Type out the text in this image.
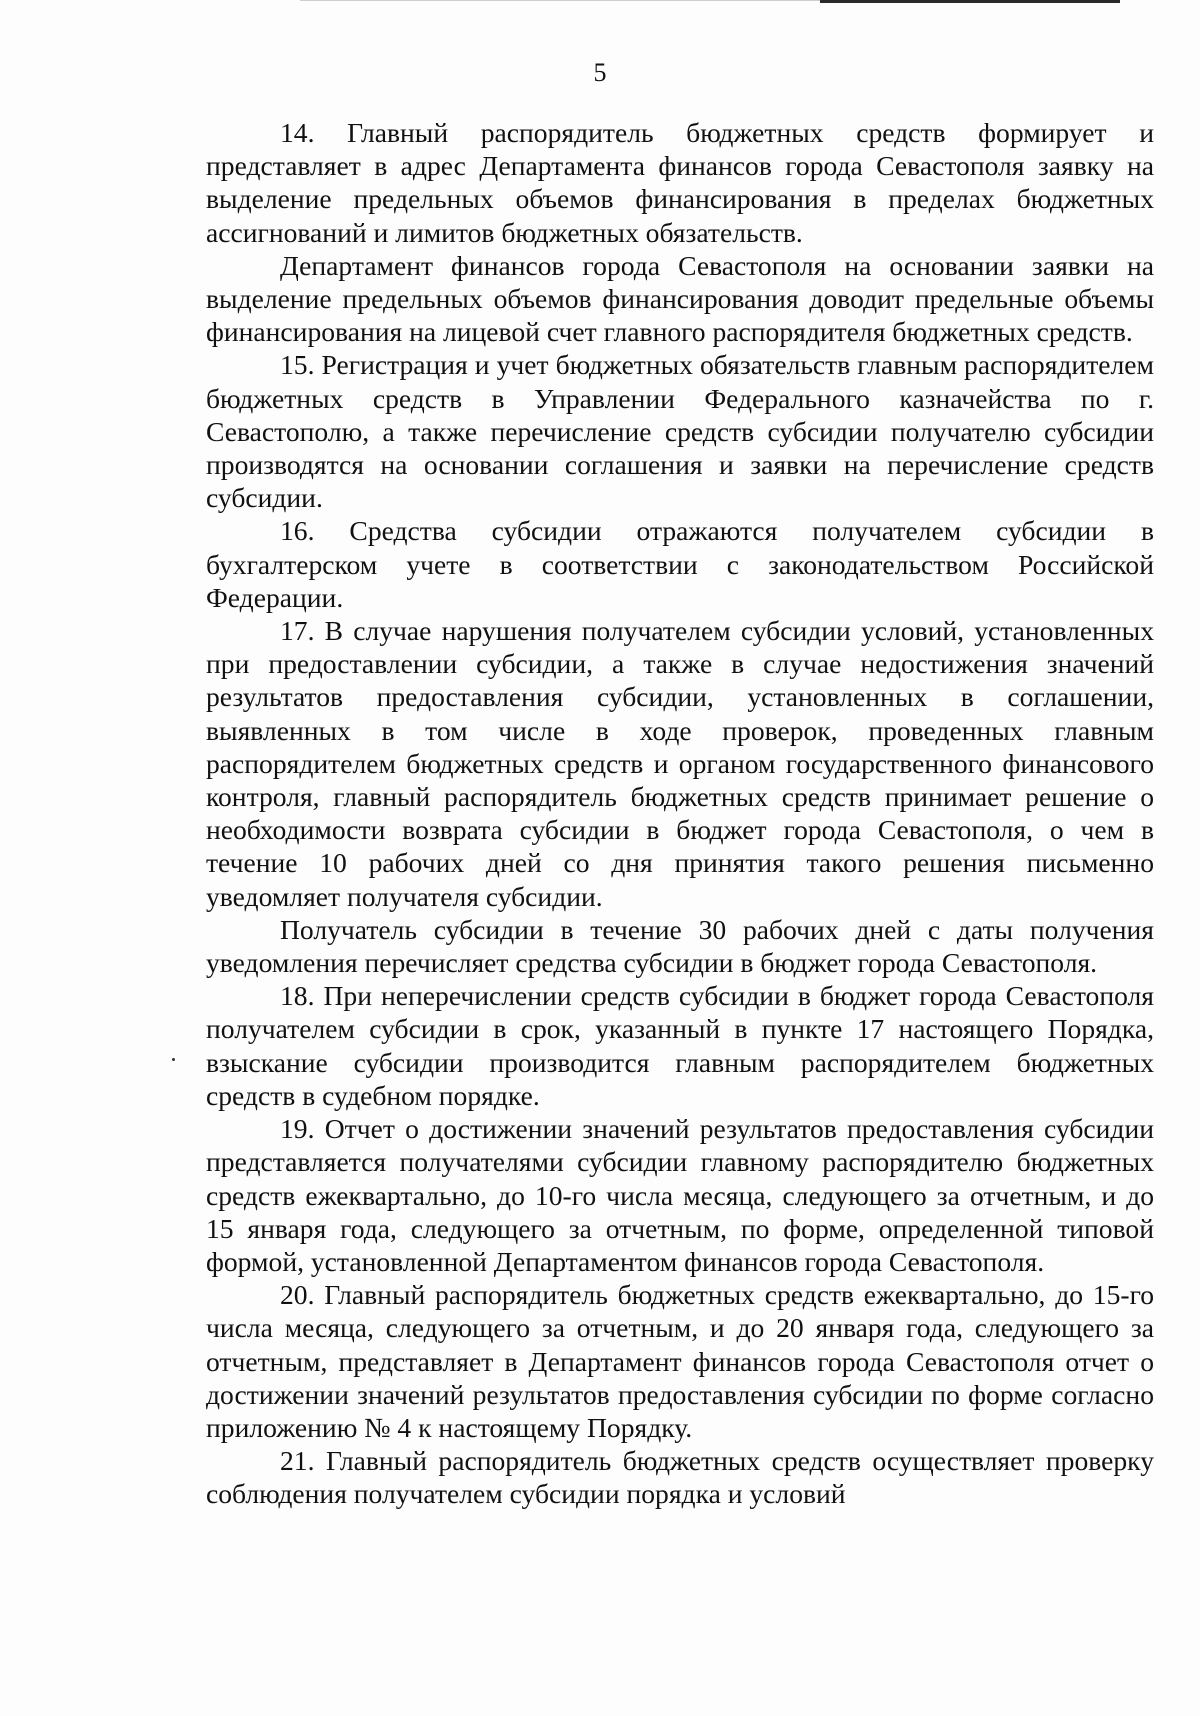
5

14. Главный распорядитель бюджетных средств формирует и представляет в адрес Департамента финансов города Севастополя заявку на выделение предельных объемов финансирования в пределах бюджетных ассигнований и лимитов бюджетных обязательств.

Департамент финансов города Севастополя на основании заявки на выделение предельных объемов финансирования доводит предельные объемы финансирования на лицевой счет главного распорядителя бюджетных средств.

15. Регистрация и учет бюджетных обязательств главным распорядителем бюджетных средств в Управлении Федерального казначейства по г. Севастополю, а также перечисление средств субсидии получателю субсидии производятся на основании соглашения и заявки на перечисление средств субсидии.

16. Средства субсидии отражаются получателем субсидии в бухгалтерском учете в соответствии с законодательством Российской Федерации.

17. В случае нарушения получателем субсидии условий, установленных при предоставлении субсидии, а также в случае недостижения значений результатов предоставления субсидии, установленных в соглашении, выявленных в том числе в ходе проверок, проведенных главным распорядителем бюджетных средств и органом государственного финансового контроля, главный распорядитель бюджетных средств принимает решение о необходимости возврата субсидии в бюджет города Севастополя, о чем в течение 10 рабочих дней со дня принятия такого решения письменно уведомляет получателя субсидии.

Получатель субсидии в течение 30 рабочих дней с даты получения уведомления перечисляет средства субсидии в бюджет города Севастополя.

18. При неперечислении средств субсидии в бюджет города Севастополя получателем субсидии в срок, указанный в пункте 17 настоящего Порядка, взыскание субсидии производится главным распорядителем бюджетных средств в судебном порядке.

19. Отчет о достижении значений результатов предоставления субсидии представляется получателями субсидии главному распорядителю бюджетных средств ежеквартально, до 10-го числа месяца, следующего за отчетным, и до 15 января года, следующего за отчетным, по форме, определенной типовой формой, установленной Департаментом финансов города Севастополя.

20. Главный распорядитель бюджетных средств ежеквартально, до 15-го числа месяца, следующего за отчетным, и до 20 января года, следующего за отчетным, представляет в Департамент финансов города Севастополя отчет о достижении значений результатов предоставления субсидии по форме согласно приложению № 4 к настоящему Порядку.

21. Главный распорядитель бюджетных средств осуществляет проверку соблюдения получателем субсидии порядка и условий
